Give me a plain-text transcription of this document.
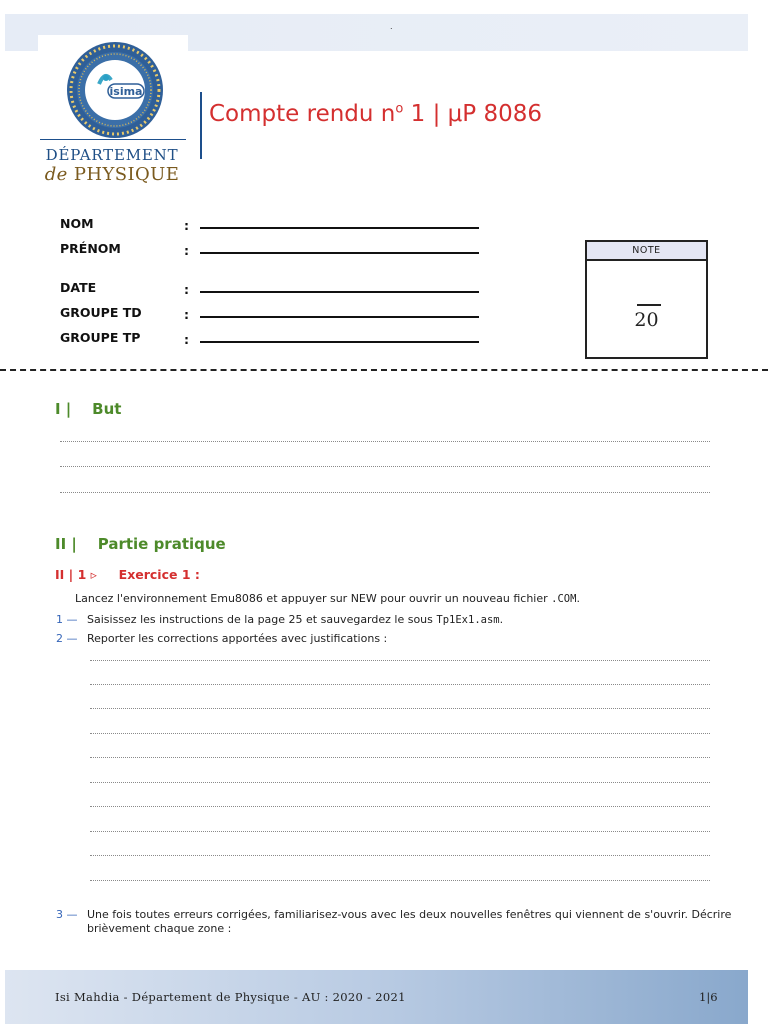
.
isima
DÉPARTEMENT
de PHYSIQUE
Compte rendu $n^o$ 1 | μP 8086
NOM	:
PRÉNOM	:
DATE	:
GROUPE TD	:
GROUPE TP	:
NOTE
20
I |    But
II |    Partie pratique
II | 1 ▹     Exercice 1 :
Lancez l'environnement Emu8086 et appuyer sur NEW pour ouvrir un nouveau fichier .COM.
1 — Saisissez les instructions de la page 25 et sauvegardez le sous Tp1Ex1.asm.
2 — Reporter les corrections apportées avec justifications :
3 — Une fois toutes erreurs corrigées, familiarisez-vous avec les deux nouvelles fenêtres qui viennent de s'ouvrir. Décrire
brièvement chaque zone :
Isi Mahdia - Département de Physique - AU : 2020 - 2021	1|6
